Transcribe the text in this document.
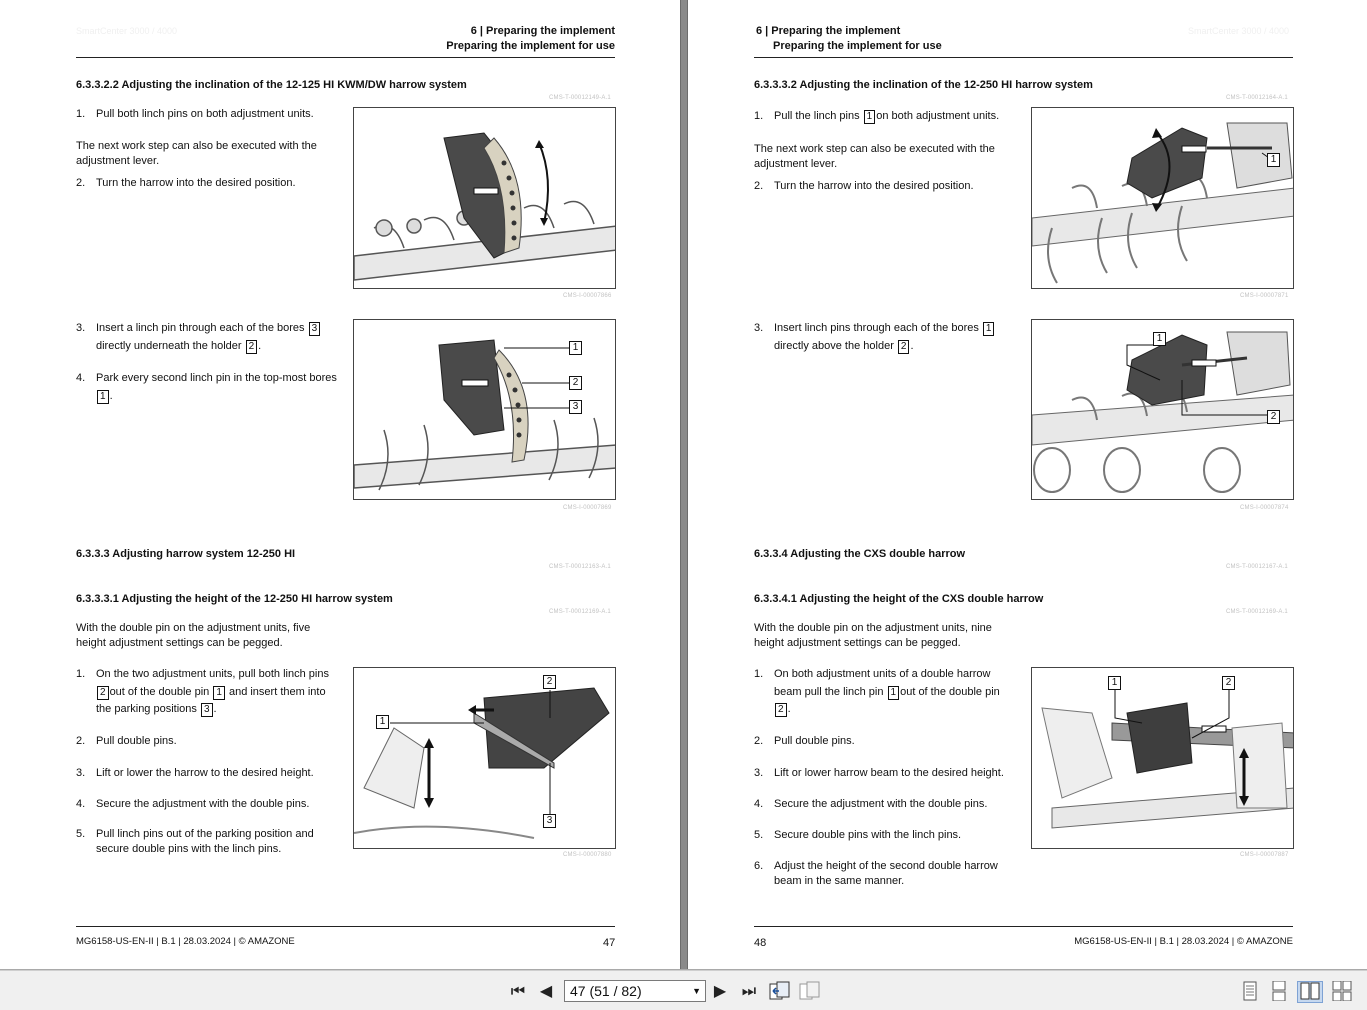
SmartCenter 3000 / 4000	6 | Preparing the implement
Preparing the implement for use
6.3.3.2.2 Adjusting the inclination of the 12-125 HI KWM/DW harrow system
CMS-T-00012149-A.1
1. Pull both linch pins on both adjustment units.
The next work step can also be executed with the adjustment lever.
2. Turn the harrow into the desired position.
CMS-I-00007866
3. Insert a linch pin through each of the bores 3
directly underneath the holder 2 .
4. Park every second linch pin in the top-most bores
1 .
1
2
3
CMS-I-00007869
6.3.3.3 Adjusting harrow system 12-250 HI
CMS-T-00012163-A.1
6.3.3.3.1 Adjusting the height of the 12-250 HI harrow system
CMS-T-00012169-A.1
With the double pin on the adjustment units, five height adjustment settings can be pegged.
1. On the two adjustment units, pull both linch pins
2 out of the double pin 1 and insert them into
the parking positions 3 .
2. Pull double pins.
3. Lift or lower the harrow to the desired height.
4. Secure the adjustment with the double pins.
5. Pull linch pins out of the parking position and secure double pins with the linch pins.
1
2
3
CMS-I-00007880
MG6158-US-EN-II | B.1 | 28.03.2024 | © AMAZONE	47
6 | Preparing the implement
Preparing the implement for use
SmartCenter 3000 / 4000
6.3.3.3.2 Adjusting the inclination of the 12-250 HI harrow system
CMS-T-00012164-A.1
1. Pull the linch pins 1 on both adjustment units.
The next work step can also be executed with the adjustment lever.
2. Turn the harrow into the desired position.
1
CMS-I-00007871
3. Insert linch pins through each of the bores 1
directly above the holder 2 .
1
2
CMS-I-00007874
6.3.3.4 Adjusting the CXS double harrow
CMS-T-00012167-A.1
6.3.3.4.1 Adjusting the height of the CXS double harrow
CMS-T-00012169-A.1
With the double pin on the adjustment units, nine height adjustment settings can be pegged.
1. On both adjustment units of a double harrow
beam pull the linch pin 1 out of the double pin
2 .
2. Pull double pins.
3. Lift or lower harrow beam to the desired height.
4. Secure the adjustment with the double pins.
5. Secure double pins with the linch pins.
6. Adjust the height of the second double harrow beam in the same manner.
1	2
CMS-I-00007887
48	MG6158-US-EN-II | B.1 | 28.03.2024 | © AMAZONE
⏮ ◀	▶ ⏭
47 (51 / 82)	▼
